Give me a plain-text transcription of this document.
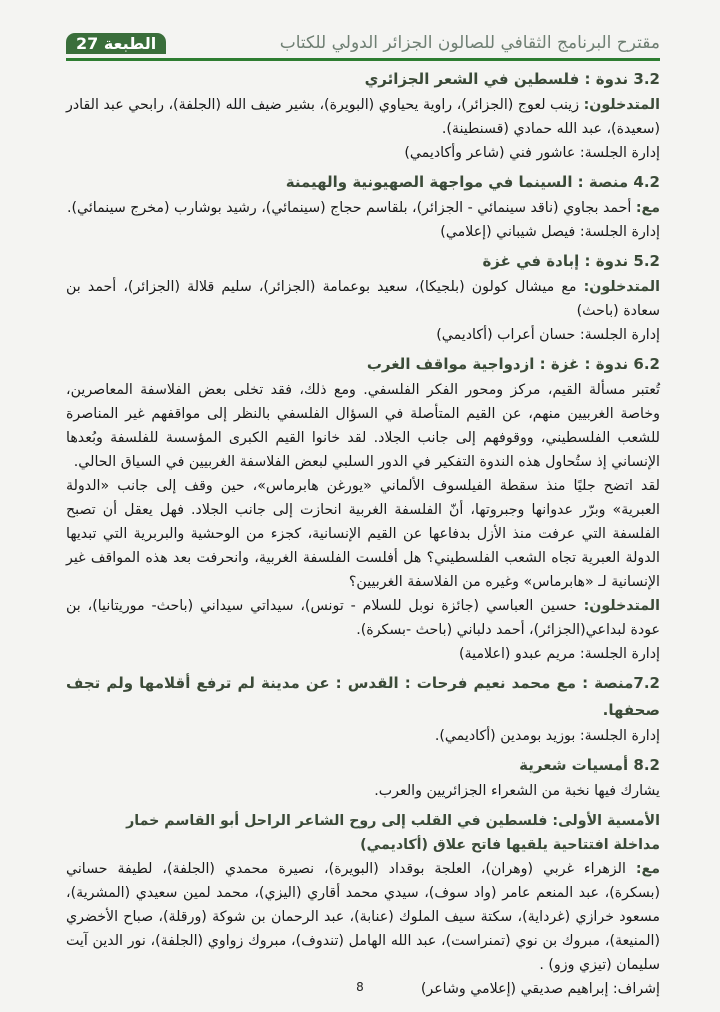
مقترح البرنامج الثقافي للصالون الجزائر الدولي للكتاب
الطبعة 27
3.2 ندوة : فلسطين في الشعر الجزائري

المتدخلون: زينب لعوج (الجزائر)، راوية يحياوي (البويرة)، بشير ضيف الله (الجلفة)، رابحي عبد القادر (سعيدة)، عبد الله حمادي (قسنطينة).

إدارة الجلسة: عاشور فني (شاعر وأكاديمي)

4.2 منصة : السينما في مواجهة الصهيونية والهيمنة

مع: أحمد بجاوي (ناقد سينمائي - الجزائر)، بلقاسم حجاج (سينمائي)، رشيد بوشارب (مخرج سينمائي).

إدارة الجلسة: فيصل شيباني (إعلامي)

5.2 ندوة : إبادة في غزة

المتدخلون: مع ميشال كولون (بلجيكا)، سعيد بوعمامة (الجزائر)، سليم قلالة (الجزائر)، أحمد بن سعادة (باحث)

إدارة الجلسة: حسان أعراب (أكاديمي)

6.2 ندوة : غزة : ازدواجية مواقف الغرب

تُعتبر مسألة القيم، مركز ومحور الفكر الفلسفي. ومع ذلك، فقد تخلى بعض الفلاسفة المعاصرين، وخاصة الغربيين منهم، عن القيم المتأصلة في السؤال الفلسفي بالنظر إلى مواقفهم غير المناصرة للشعب الفلسطيني، ووقوفهم إلى جانب الجلاد. لقد خانوا القيم الكبرى المؤسسة للفلسفة وبُعدها الإنساني إذ ستُحاول هذه الندوة التفكير في الدور السلبي لبعض الفلاسفة الغربيين في السياق الحالي.

لقد اتضح جليًا منذ سقطة الفيلسوف الألماني «يورغن هابرماس»، حين وقف إلى جانب «الدولة العبرية» وبرّر عدوانها وجبروتها، أنّ الفلسفة الغربية انحازت إلى جانب الجلاد. فهل يعقل أن تصبح الفلسفة التي عرفت منذ الأزل بدفاعها عن القيم الإنسانية، كجزء من الوحشية والبربرية التي تبديها الدولة العبرية تجاه الشعب الفلسطيني؟ هل أفلست الفلسفة الغربية، وانحرفت بعد هذه المواقف غير الإنسانية لـ «هابرماس» وغيره من الفلاسفة الغربيين؟

المتدخلون: حسين العباسي (جائزة نوبل للسلام - تونس)، سيداتي سيداني (باحث- موريتانيا)، بن عودة لبداعي(الجزائر)، أحمد دلباني (باحث -بسكرة).

إدارة الجلسة: مريم عبدو (اعلامية)

7.2منصة : مع محمد نعيم فرحات : القدس : عن مدينة لم ترفع أقلامها ولم تجف صحفها.

إدارة الجلسة: بوزيد بومدين (أكاديمي).

8.2 أمسيات شعرية

يشارك فيها نخبة من الشعراء الجزائريين والعرب.

الأمسية الأولى: فلسطين في القلب إلى روح الشاعر الراحل أبو القاسم خمار

مداخلة افتتاحية يلقيها فاتح علاق (أكاديمي)

مع: الزهراء غربي (وهران)، العلجة بوقداد (البويرة)، نصيرة محمدي (الجلفة)، لطيفة حساني (بسكرة)، عبد المنعم عامر (واد سوف)، سيدي محمد أقاري (اليزي)، محمد لمين سعيدي (المشرية)، مسعود خرازي (غرداية)، سكتة سيف الملوك (عنابة)، عبد الرحمان بن شوكة (ورقلة)، صباح الأخضري (المنيعة)، مبروك بن نوي (تمنراست)، عبد الله الهامل (تندوف)، مبروك زواوي (الجلفة)، نور الدين آيت سليمان (تيزي وزو) .

إشراف: إبراهيم صديقي (إعلامي وشاعر)

8
